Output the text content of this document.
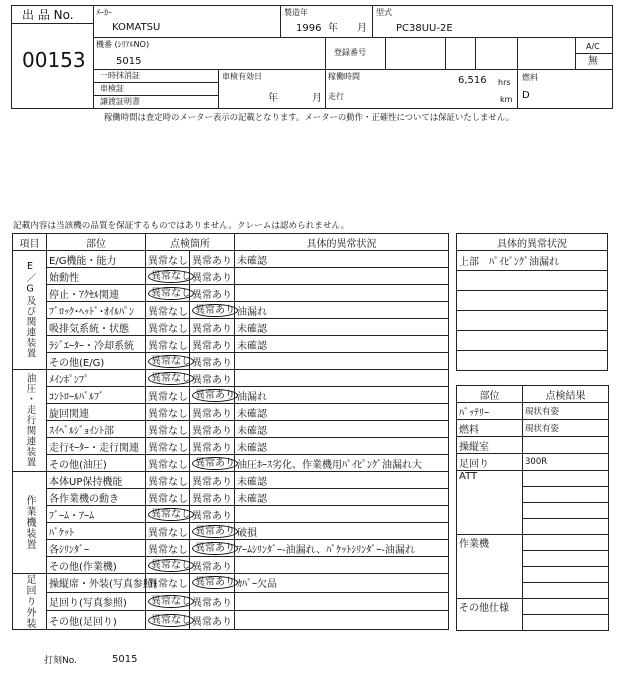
出 品 No.
00153
ﾒｰｶｰ
KOMATSU
製造年
1996 年 月
型式
PC38UU-2E
機番 (ｼﾘｱﾙNO)
5015
登録番号
A/C
無
一時抹消証
車検証
譲渡証明書
車検有効日
年	月
稼働時間	6,516 hrs
km
走行
燃料
D
稼働時間は査定時のメーター表示の記載となります。メーターの動作・正確性については保証いたしません。
記載内容は当該機の品質を保証するものではありません。クレームは認められません。
項目	部位	点検箇所		具体的異常状況

E／G及び関連装置	E/G機能・能力	異常なし	異常あり	未確認
	始動性	異常なし	異常あり	
	停止・ｱｸｾﾙ関連	異常なし	異常あり	
	ﾌﾞﾛｯｸ･ﾍｯﾄﾞ･ｵｲﾙﾊﾟﾝ	異常なし	異常あり	油漏れ
	吸排気系統・状態	異常なし	異常あり	未確認
	ﾗｼﾞｴｰﾀｰ・冷却系統	異常なし	異常あり	未確認
	その他(E/G)	異常なし	異常あり	

油圧・走行関連装置	ﾒｲﾝﾎﾟﾝﾌﾟ	異常なし	異常あり	
	ｺﾝﾄﾛｰﾙﾊﾞﾙﾌﾞ	異常なし	異常あり	油漏れ
	旋回関連	異常なし	異常あり	未確認
	ｽｲﾍﾞﾙｼﾞｮｲﾝﾄ部	異常なし	異常あり	未確認
	走行ﾓｰﾀｰ・走行関連	異常なし	異常あり	未確認
	その他(油圧)	異常なし	異常あり	油圧ﾎｰｽ劣化、作業機用ﾊﾟｲﾋﾟﾝｸﾞ油漏れ大

作業機装置	本体UP保持機能	異常なし	異常あり	未確認
	各作業機の動き	異常なし	異常あり	未確認
	ﾌﾞｰﾑ・ｱｰﾑ	異常なし	異常あり	
	ﾊﾞｹｯﾄ	異常なし	異常あり	破損
	各ｼﾘﾝﾀﾞｰ	異常なし	異常あり	ｱｰﾑｼﾘﾝﾀﾞｰ-油漏れ、ﾊﾞｹｯﾄｼﾘﾝﾀﾞｰ-油漏れ
	その他(作業機)	異常なし	異常あり	

足回り外装	操縦席・外装(写真参照)	異常なし	異常あり	ｶﾊﾞｰ欠品
	足回り(写真参照)	異常なし	異常あり	
	その他(足回り)	異常なし	異常あり	
具体的異常状況
上部　ﾊﾟｲﾋﾟﾝｸﾞ油漏れ

部位	点検結果
ﾊﾞｯﾃﾘｰ	現状有姿
燃料	現状有姿
操縦室	
足回り	300R
ATT	

作業機	

その他仕様	

打刻No.	5015
